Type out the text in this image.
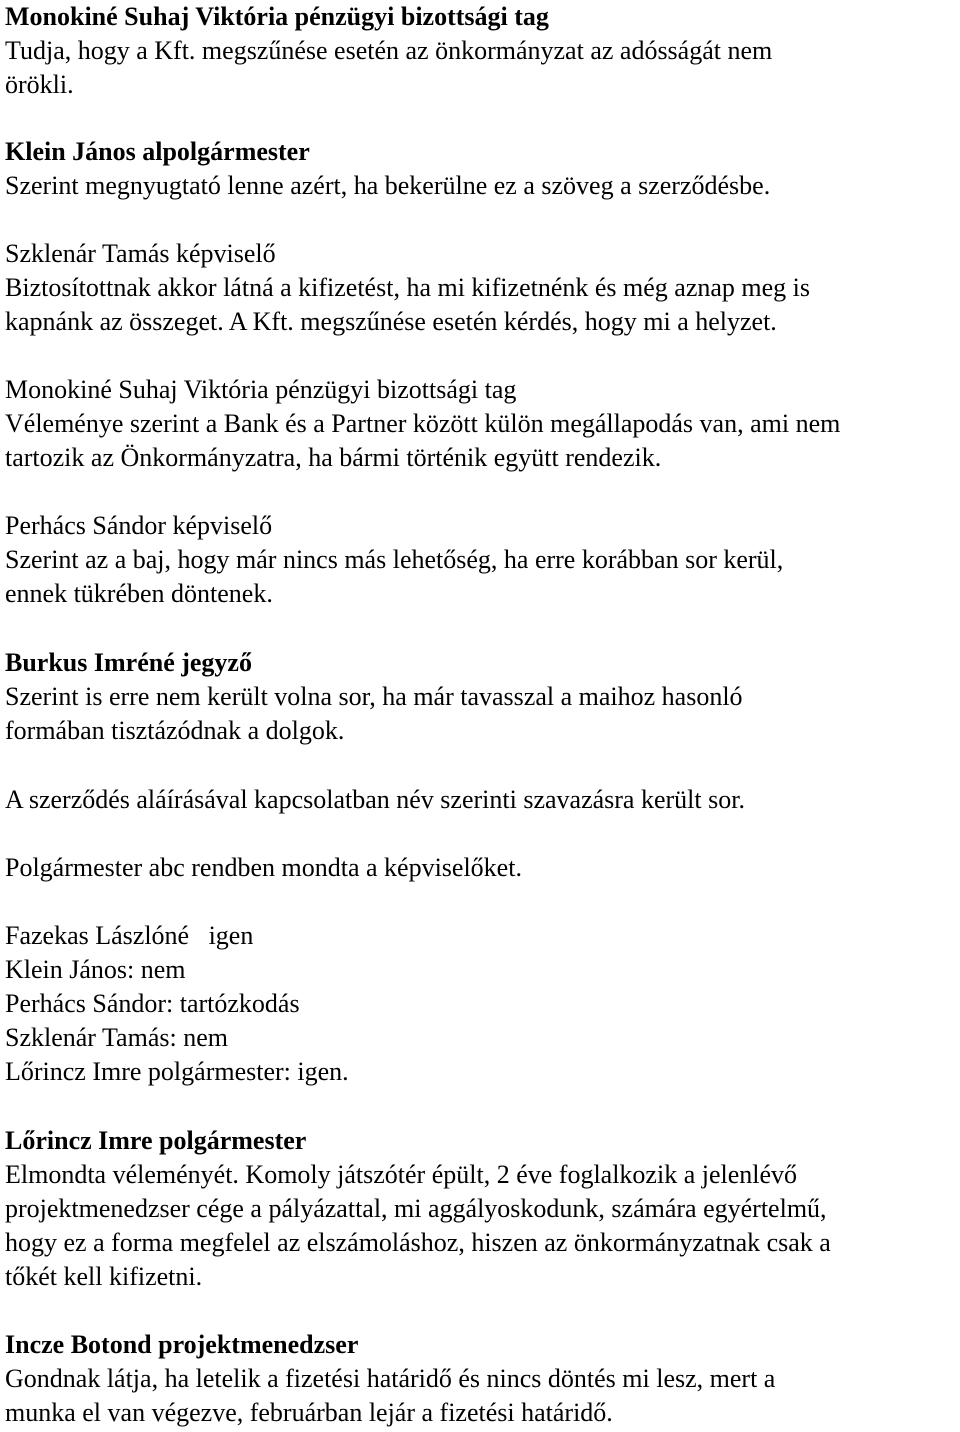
Monokiné Suhaj Viktória pénzügyi bizottsági tag
Tudja, hogy a Kft. megszűnése esetén az önkormányzat az adósságát nem
örökli.
Klein János alpolgármester
Szerint megnyugtató lenne azért, ha bekerülne ez a szöveg a szerződésbe.
Szklenár Tamás képviselő
Biztosítottnak akkor látná a kifizetést, ha mi kifizetnénk és még aznap meg is
kapnánk az összeget. A Kft. megszűnése esetén kérdés, hogy mi a helyzet.
Monokiné Suhaj Viktória pénzügyi bizottsági tag
Véleménye szerint a Bank és a Partner között külön megállapodás van, ami nem
tartozik az Önkormányzatra, ha bármi történik együtt rendezik.
Perhács Sándor képviselő
Szerint az a baj, hogy már nincs más lehetőség, ha erre korábban sor kerül,
ennek tükrében döntenek.
Burkus Imréné jegyző
Szerint is erre nem került volna sor, ha már tavasszal a maihoz hasonló
formában tisztázódnak a dolgok.
A szerződés aláírásával kapcsolatban név szerinti szavazásra került sor.
Polgármester abc rendben mondta a képviselőket.
Fazekas Lászlóné   igen
Klein János: nem
Perhács Sándor: tartózkodás
Szklenár Tamás: nem
Lőrincz Imre polgármester: igen.
Lőrincz Imre polgármester
Elmondta véleményét. Komoly játszótér épült, 2 éve foglalkozik a jelenlévő
projektmenedzser cége a pályázattal, mi aggályoskodunk, számára egyértelmű,
hogy ez a forma megfelel az elszámoláshoz, hiszen az önkormányzatnak csak a
tőkét kell kifizetni.
Incze Botond projektmenedzser
Gondnak látja, ha letelik a fizetési határidő és nincs döntés mi lesz, mert a
munka el van végezve, februárban lejár a fizetési határidő.
